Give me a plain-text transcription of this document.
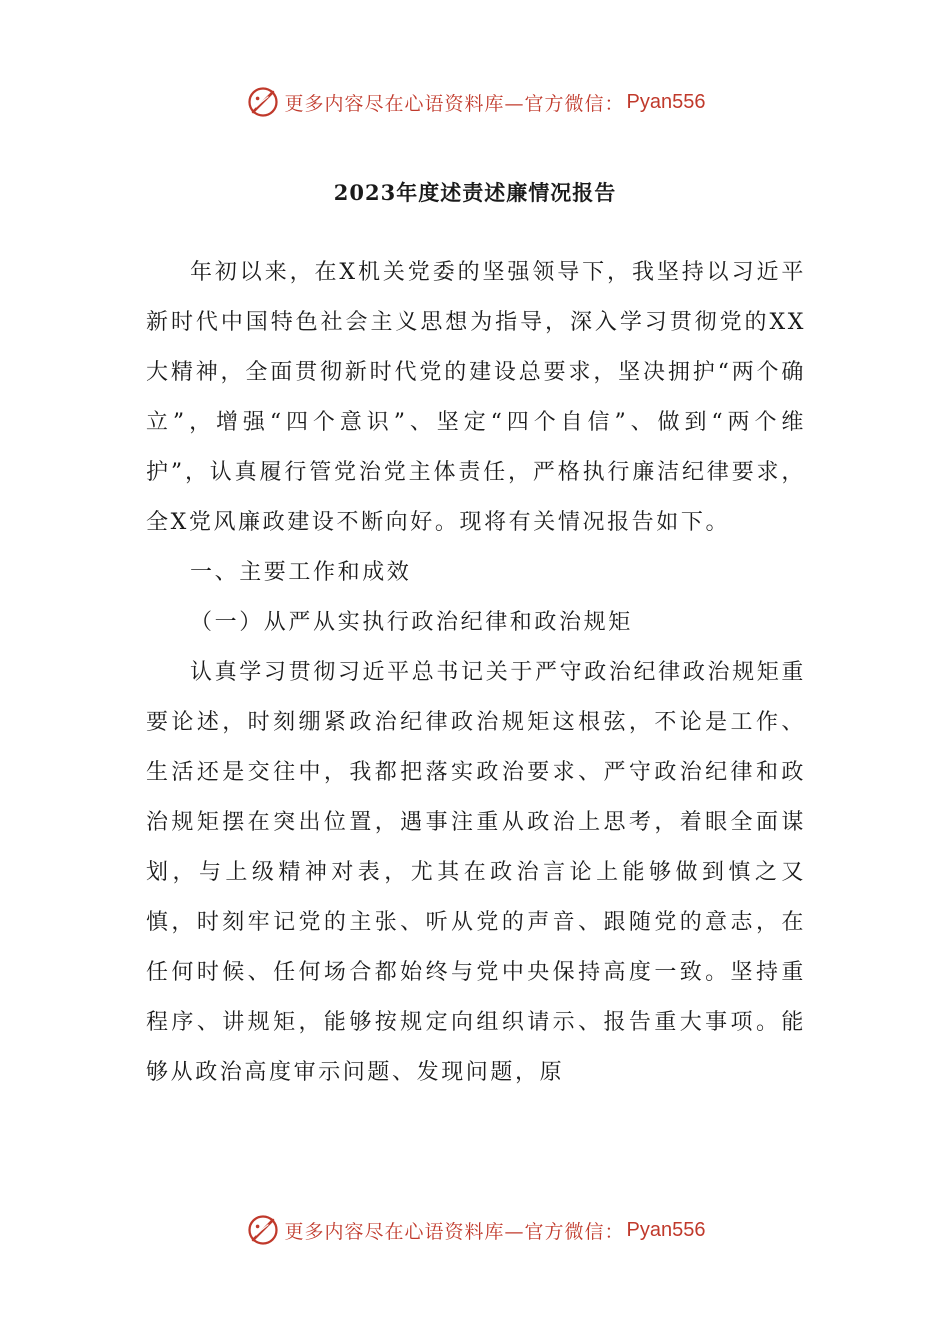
更多内容尽在心语资料库—官方微信： Pyan556
2023年度述责述廉情况报告

年初以来，在X机关党委的坚强领导下，我坚持以习近平新时代中国特色社会主义思想为指导，深入学习贯彻党的XX大精神，全面贯彻新时代党的建设总要求，坚决拥护“两个确立”，增强“四个意识”、坚定“四个自信”、做到“两个维护”，认真履行管党治党主体责任，严格执行廉洁纪律要求，全X党风廉政建设不断向好。现将有关情况报告如下。

一、主要工作和成效

（一）从严从实执行政治纪律和政治规矩

认真学习贯彻习近平总书记关于严守政治纪律政治规矩重要论述，时刻绷紧政治纪律政治规矩这根弦，不论是工作、生活还是交往中，我都把落实政治要求、严守政治纪律和政治规矩摆在突出位置，遇事注重从政治上思考，着眼全面谋划，与上级精神对表，尤其在政治言论上能够做到慎之又慎，时刻牢记党的主张、听从党的声音、跟随党的意志，在任何时候、任何场合都始终与党中央保持高度一致。坚持重程序、讲规矩，能够按规定向组织请示、报告重大事项。能够从政治高度审示问题、发现问题，原

更多内容尽在心语资料库—官方微信： Pyan556
